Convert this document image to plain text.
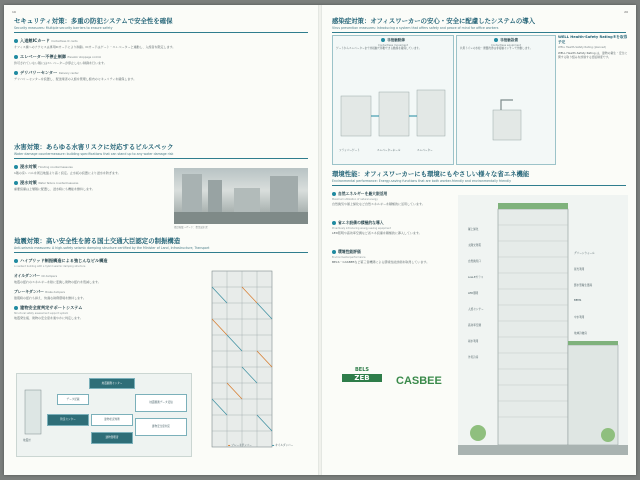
19
セキュリティ対策：多重の防犯システムで安全性を確保
Security measures: Multiple security barriers to ensure safety
入退館ICカード Contactless IC cards
オフィス棟へのアクセスは専用ICカードにより制御。ICカードはゲート・エレベーターと連動し、入館者を限定します。
エレベーター不停止制御 Elevator stoppage control
許可されていない階にはエレベーターが停止しない制御を行います。
デリバリーセンター Delivery center
デリバリーセンターを設置し、配送業者の入館を管理し館内のセキュリティを確保します。
水害対策：あらゆる水害リスクに対応するビルスペック
Water damage countermeasure: building specifications that can stand up to any water damage risk
浸水対策 Flooding countermeasures
1階の床レベルを周辺地盤より高く設定。止水板の設置により浸水を防ぎます。
浸水対策 Water failure countermeasures
重要設備は上層階に配置し、浸水時にも機能を維持します。
周辺地盤ハザード：想定浸水深
地震対策：高い安全性を誇る国土交通大臣認定の制振構造
Anti-seismic measures: A high-safety seismic damping structure certified by the Minister of Land, Infrastructure, Transport
ハイブリッド制振構造による強じんなビル構造
A resilient building with a hybrid seismic damping structure
オイルダンパー Oil dampers
地震の揺れのエネルギーを熱に変換し建物の揺れを低減します。
ブレーキダンパー Brake dampers
強風時の揺れも抑え、快適な執務環境を維持します。
建物安全度判定サポートシステム
Structural safety assessment support system
地震発生後、建物の安全度を速やかに判定します。
▬ ブレーキダンパー	▬ オイルダンパー
地震観測センター
地震観測データ受信
データ記録
防災センター	建物状況判断
建物管理者
建物安全度判定
地震計
20
感染症対策：オフィスワーカーの安心・安全に配慮したシステムの導入
Virus prevention measures: Introducing a system that offers safety and peace of mind for office workers
非接触動線
Contactless movement
ゲートからエレベーターまで非接触で移動できる動線を確保しています。
フラッパーゲート	エレベーターホール	エレベーター
非接触設備
Contactless equipment
共用トイレの水栓・便器洗浄は非接触センサーで作動します。
WELL Health-Safety Rating®を取得予定
WELL Health-Safety Rating (planned)
WELL Health-Safety Rating は、建物の衛生・安全に関する取り組みを評価する認証制度です。
環境性能：オフィスワーカーにも環境にもやさしい様々な省エネ機能
Environmental performance: Energy-saving functions that are both worker-friendly and environmentally friendly
自然エネルギーを最大限活用
Maximum utilization of natural energy
自然換気や屋上緑化など自然エネルギーを積極的に活用しています。
省エネ設備の積極的な導入
Proactively introducing energy-saving equipment
LED照明や高効率空調など省エネ設備を積極的に導入しています。
環境性能評価
Environmental performance
BELS・CASBEEなど第三者機関による環境性能評価を取得しています。
BELS
ZEB	CASBEE
屋上緑化
太陽光発電
自然換気口
Low-Eガラス
LED照明
人感センサー
高効率空調
雨水利用
外気冷房
グリーンウォール
昼光利用
節水型衛生器具
BEMS
中水利用
地域冷暖房
